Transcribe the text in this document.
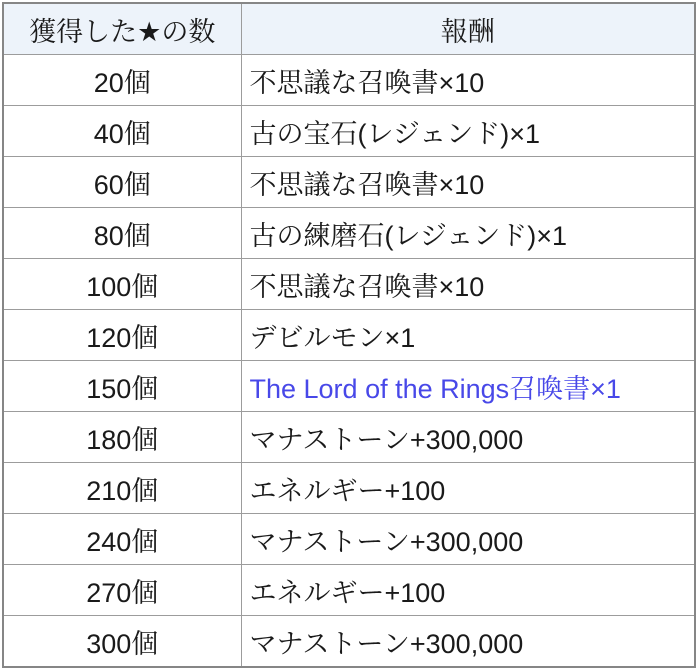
獲得した★の数	報酬
20個	不思議な召喚書×10
40個	古の宝石(レジェンド)×1
60個	不思議な召喚書×10
80個	古の練磨石(レジェンド)×1
100個	不思議な召喚書×10
120個	デビルモン×1
150個	The Lord of the Rings召喚書×1
180個	マナストーン+300,000
210個	エネルギー+100
240個	マナストーン+300,000
270個	エネルギー+100
300個	マナストーン+300,000
